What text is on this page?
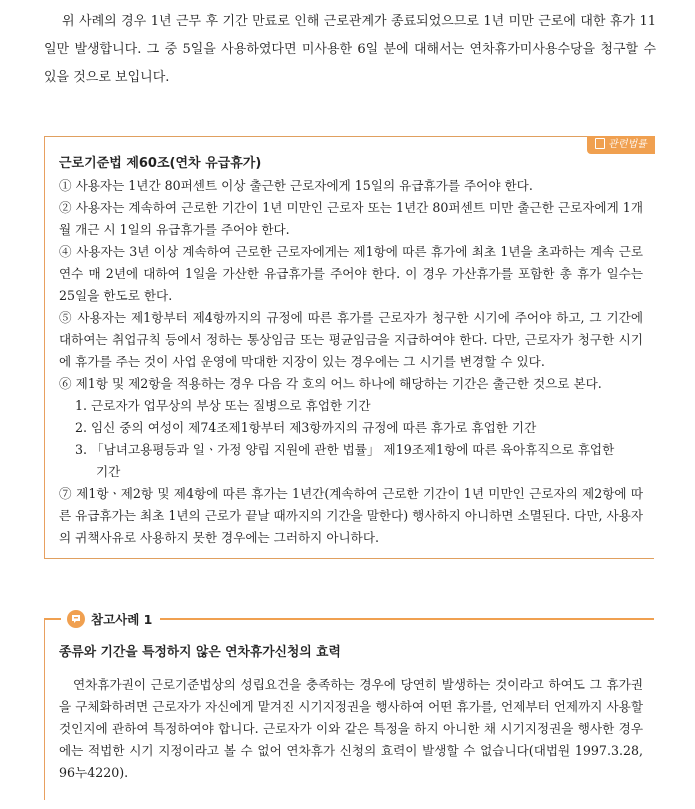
위 사례의 경우 1년 근무 후 기간 만료로 인해 근로관계가 종료되었으므로 1년 미만 근로에 대한 휴가 11일만 발생합니다. 그 중 5일을 사용하였다면 미사용한 6일 분에 대해서는 연차휴가미사용수당을 청구할 수 있을 것으로 보입니다.

관련법률

근로기준법 제60조(연차 유급휴가)

① 사용자는 1년간 80퍼센트 이상 출근한 근로자에게 15일의 유급휴가를 주어야 한다.

② 사용자는 계속하여 근로한 기간이 1년 미만인 근로자 또는 1년간 80퍼센트 미만 출근한 근로자에게 1개월 개근 시 1일의 유급휴가를 주어야 한다.

④ 사용자는 3년 이상 계속하여 근로한 근로자에게는 제1항에 따른 휴가에 최초 1년을 초과하는 계속 근로 연수 매 2년에 대하여 1일을 가산한 유급휴가를 주어야 한다. 이 경우 가산휴가를 포함한 총 휴가 일수는 25일을 한도로 한다.

⑤ 사용자는 제1항부터 제4항까지의 규정에 따른 휴가를 근로자가 청구한 시기에 주어야 하고, 그 기간에 대하여는 취업규칙 등에서 정하는 통상임금 또는 평균임금을 지급하여야 한다. 다만, 근로자가 청구한 시기에 휴가를 주는 것이 사업 운영에 막대한 지장이 있는 경우에는 그 시기를 변경할 수 있다.

⑥ 제1항 및 제2항을 적용하는 경우 다음 각 호의 어느 하나에 해당하는 기간은 출근한 것으로 본다.

1. 근로자가 업무상의 부상 또는 질병으로 휴업한 기간

2. 임신 중의 여성이 제74조제1항부터 제3항까지의 규정에 따른 휴가로 휴업한 기간

3. 「남녀고용평등과 일ㆍ가정 양립 지원에 관한 법률」 제19조제1항에 따른 육아휴직으로 휴업한

기간

⑦ 제1항ㆍ제2항 및 제4항에 따른 휴가는 1년간(계속하여 근로한 기간이 1년 미만인 근로자의 제2항에 따른 유급휴가는 최초 1년의 근로가 끝날 때까지의 기간을 말한다) 행사하지 아니하면 소멸된다. 다만, 사용자의 귀책사유로 사용하지 못한 경우에는 그러하지 아니하다.

참고사례 1

종류와 기간을 특정하지 않은 연차휴가신청의 효력

연차휴가권이 근로기준법상의 성립요건을 충족하는 경우에 당연히 발생하는 것이라고 하여도 그 휴가권을 구체화하려면 근로자가 자신에게 맡겨진 시기지정권을 행사하여 어떤 휴가를, 언제부터 언제까지 사용할 것인지에 관하여 특정하여야 합니다. 근로자가 이와 같은 특정을 하지 아니한 채 시기지정권을 행사한 경우에는 적법한 시기 지정이라고 볼 수 없어 연차휴가 신청의 효력이 발생할 수 없습니다(대법원 1997.3.28, 96누4220).
